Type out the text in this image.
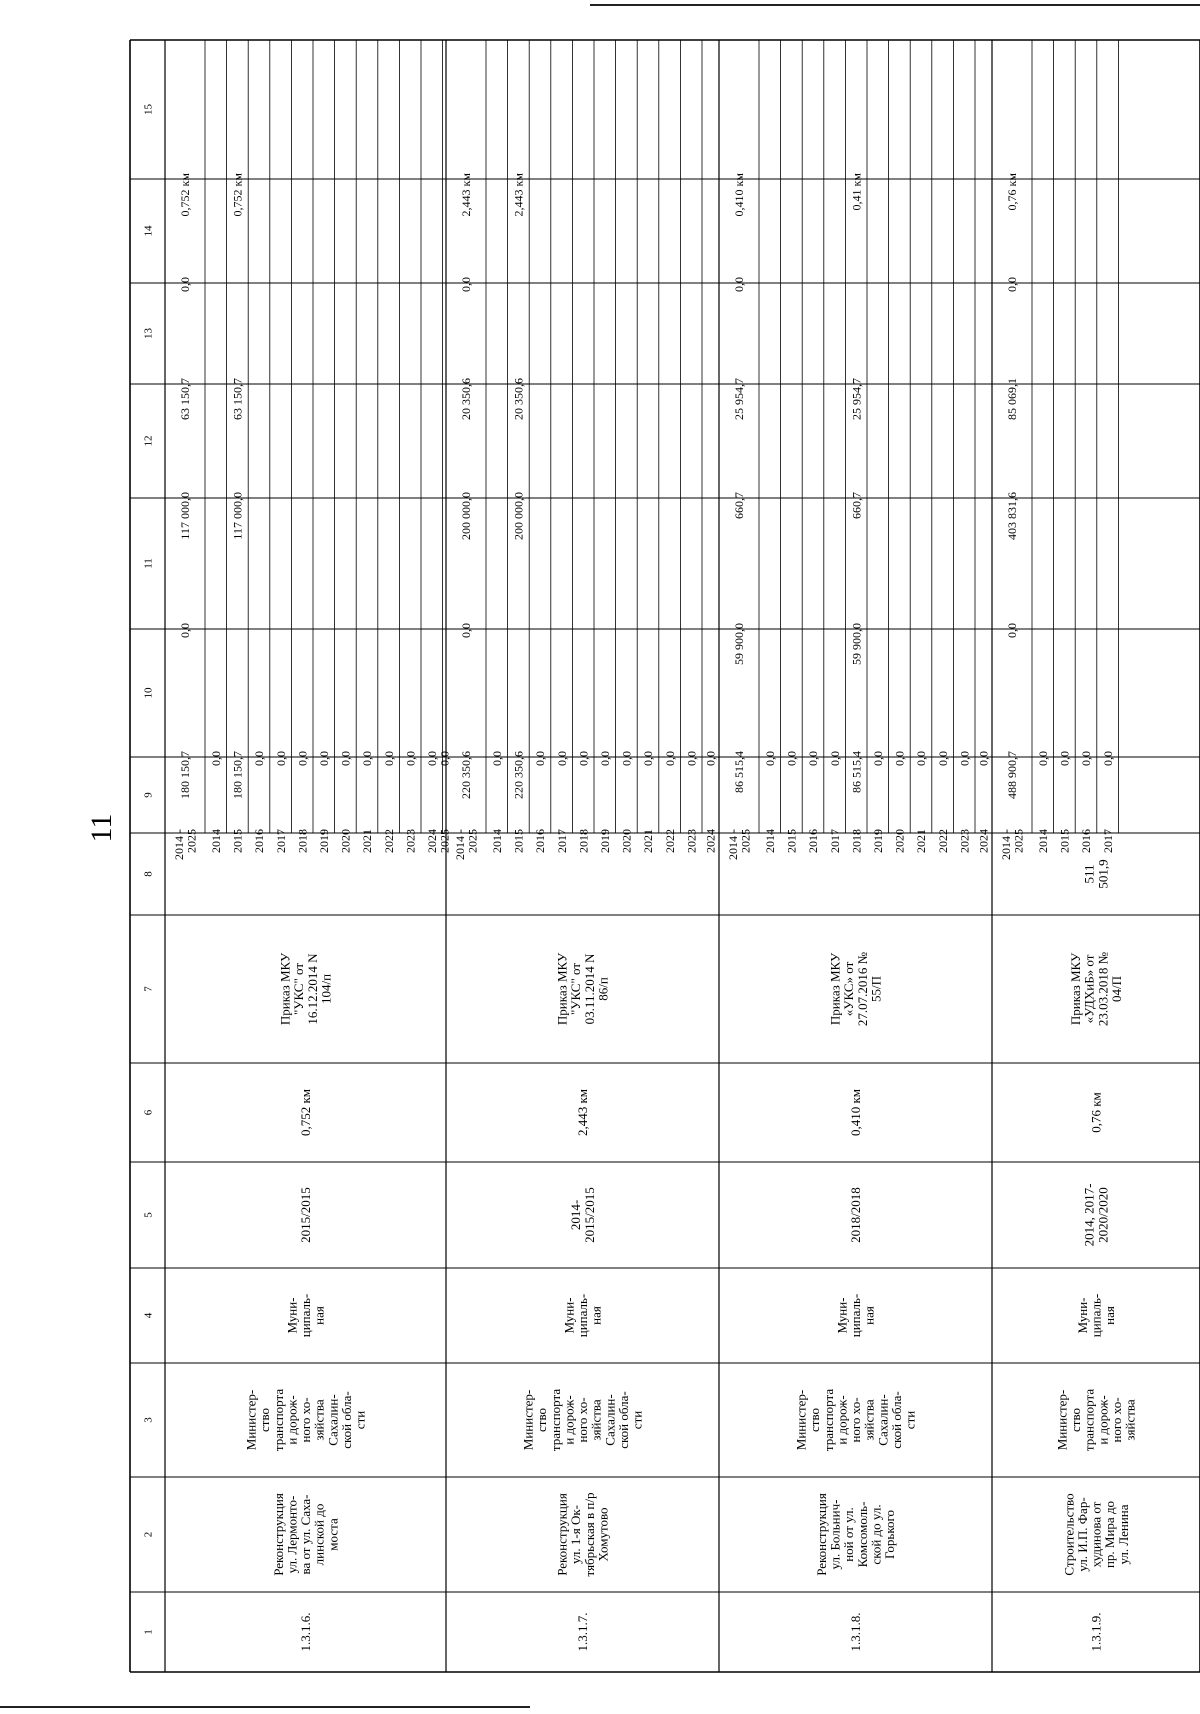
11
1
2
3
4
5
6
7
8
9
10
11
12
13
14
15
1.3.1.6.
Реконструкция
ул. Лермонто-
ва от ул. Саха-
линской до
моста
Министер-
ство
транспорта
и дорож-
ного хо-
зяйства
Сахалин-
ской обла-
сти
Муни-
ципаль-
ная
2015/2015
0,752 км
Приказ МКУ
"УКС" от
16.12.2014 N
104/п
2014 -
2025
180 150,7
0,0
117 000,0
63 150,7
0,0
0,752 км
2014
0,0
2015
180 150,7
117 000,0
63 150,7
0,752 км
2016
0,0
2017
0,0
2018
0,0
2019
0,0
2020
0,0
2021
0,0
2022
0,0
2023
0,0
2024
0,0
2025
0,0
1.3.1.7.
Реконструкция
ул. 1-я Ок-
тябрьская в п/р
Хомутово
Министер-
ство
транспорта
и дорож-
ного хо-
зяйства
Сахалин-
ской обла-
сти
Муни-
ципаль-
ная
2014-
2015/2015
2,443 км
Приказ МКУ
"УКС" от
03.11.2014 N
86/п
2014 -
2025
220 350,6
0,0
200 000,0
20 350,6
0,0
2,443 км
2014
0,0
2015
220 350,6
200 000,0
20 350,6
2,443 км
2016
0,0
2017
0,0
2018
0,0
2019
0,0
2020
0,0
2021
0,0
2022
0,0
2023
0,0
2024
0,0
1.3.1.8.
Реконструкция
ул. Больнич-
ной от ул.
Комсомоль-
ской до ул.
Горького
Министер-
ство
транспорта
и дорож-
ного хо-
зяйства
Сахалин-
ской обла-
сти
Муни-
ципаль-
ная
2018/2018
0,410 км
Приказ МКУ
«УКС» от
27.07.2016 №
55/П
2014 -
2025
86 515,4
59 900,0
660,7
25 954,7
0,0
0,410 км
2014
0,0
2015
0,0
2016
0,0
2017
0,0
2018
86 515,4
59 900,0
660,7
25 954,7
0,41 км
2019
0,0
2020
0,0
2021
0,0
2022
0,0
2023
0,0
2024
0,0
1.3.1.9.
Строительство
ул. И.П. Фар-
худинова от
пр. Мира до
ул. Ленина
Министер-
ство
транспорта
и дорож-
ного хо-
зяйства
Муни-
ципаль-
ная
2014, 2017-
2020/2020
0,76 км
Приказ МКУ
«УДХиБ» от
23.03.2018 №
04/П
511
501,9
2014 -
2025
488 900,7
0,0
403 831,6
85 069,1
0,0
0,76 км
2014
0,0
2015
0,0
2016
0,0
2017
0,0
